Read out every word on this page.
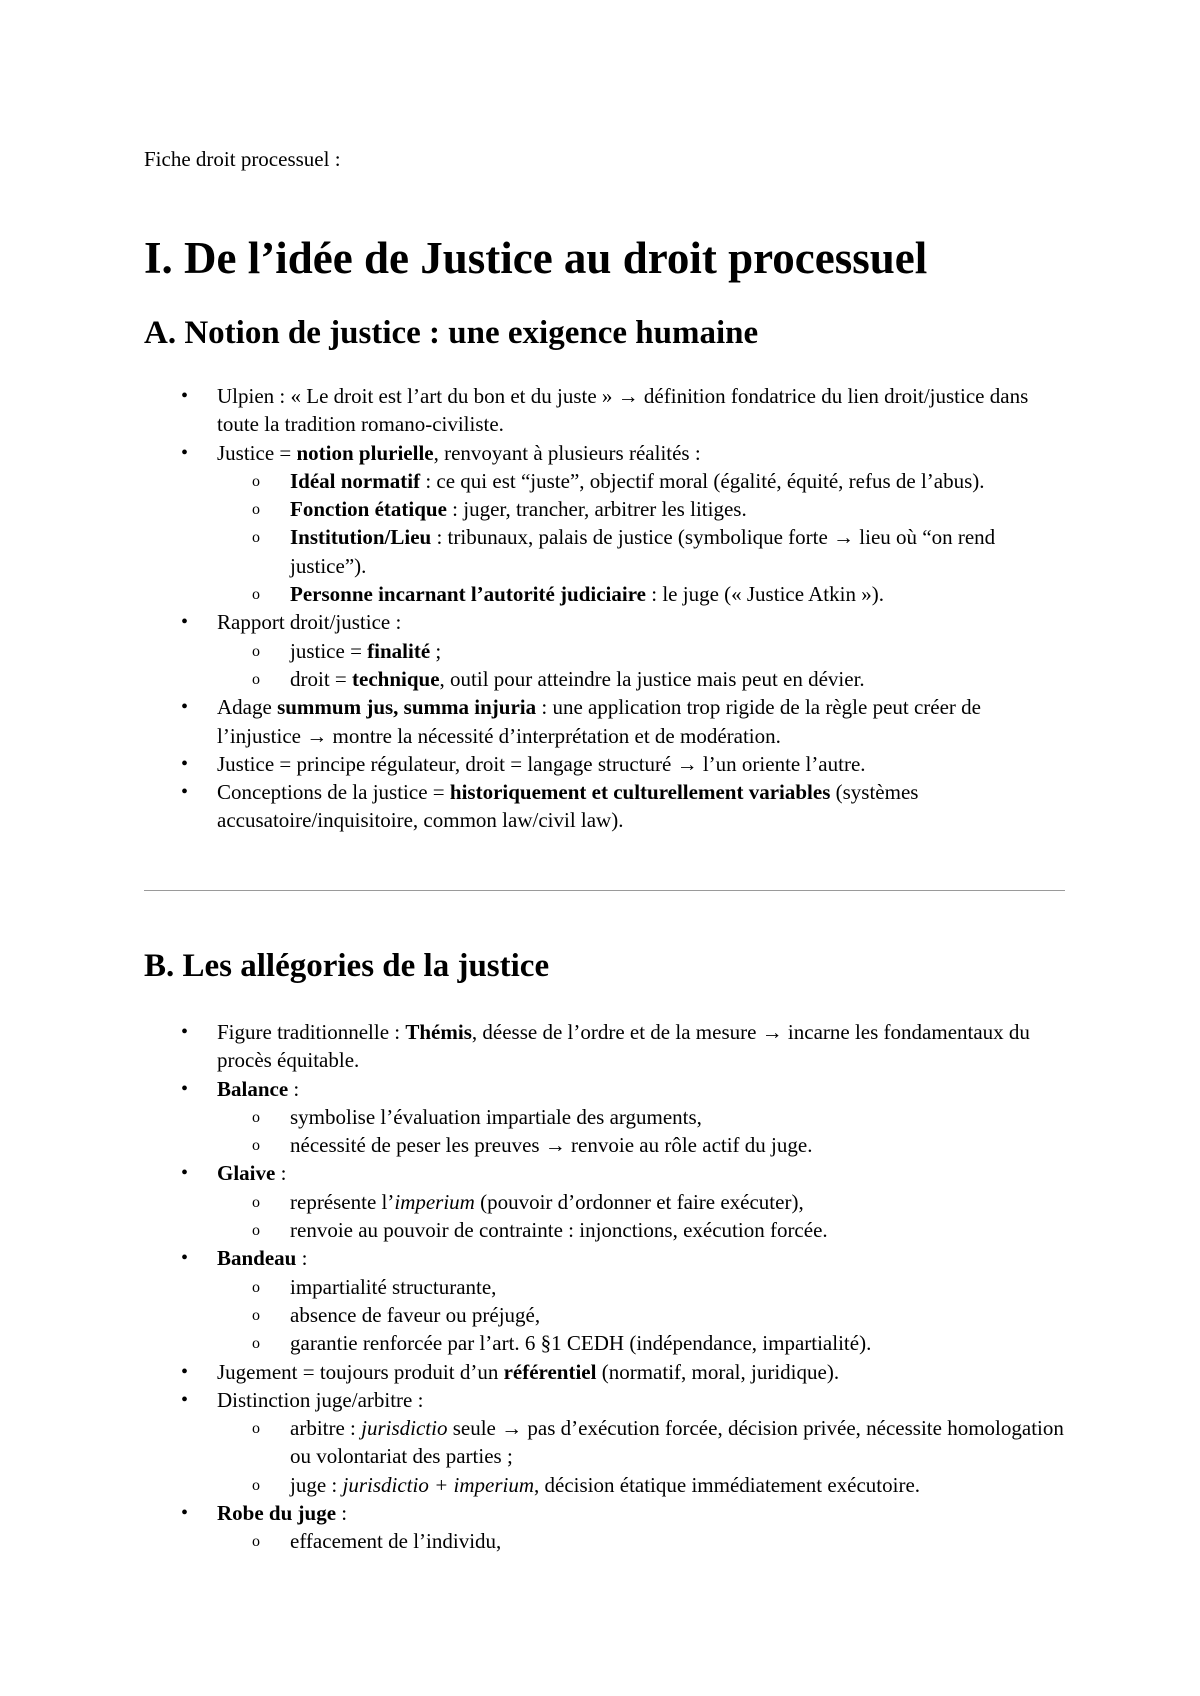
Fiche droit processuel :
I. De l’idée de Justice au droit processuel
A. Notion de justice : une exigence humaine
• Ulpien : « Le droit est l’art du bon et du juste » → définition fondatrice du lien droit/justice dans toute la tradition romano-civiliste.
• Justice = notion plurielle, renvoyant à plusieurs réalités :
o Idéal normatif : ce qui est “juste”, objectif moral (égalité, équité, refus de l’abus).
o Fonction étatique : juger, trancher, arbitrer les litiges.
o Institution/Lieu : tribunaux, palais de justice (symbolique forte → lieu où “on rend justice”).
o Personne incarnant l’autorité judiciaire : le juge (« Justice Atkin »).
• Rapport droit/justice :
o justice = finalité ;
o droit = technique, outil pour atteindre la justice mais peut en dévier.
• Adage summum jus, summa injuria : une application trop rigide de la règle peut créer de l’injustice → montre la nécessité d’interprétation et de modération.
• Justice = principe régulateur, droit = langage structuré → l’un oriente l’autre.
• Conceptions de la justice = historiquement et culturellement variables (systèmes accusatoire/inquisitoire, common law/civil law).
B. Les allégories de la justice
• Figure traditionnelle : Thémis, déesse de l’ordre et de la mesure → incarne les fondamentaux du procès équitable.
• Balance :
o symbolise l’évaluation impartiale des arguments,
o nécessité de peser les preuves → renvoie au rôle actif du juge.
• Glaive :
o représente l’imperium (pouvoir d’ordonner et faire exécuter),
o renvoie au pouvoir de contrainte : injonctions, exécution forcée.
• Bandeau :
o impartialité structurante,
o absence de faveur ou préjugé,
o garantie renforcée par l’art. 6 §1 CEDH (indépendance, impartialité).
• Jugement = toujours produit d’un référentiel (normatif, moral, juridique).
• Distinction juge/arbitre :
o arbitre : jurisdictio seule → pas d’exécution forcée, décision privée, nécessite homologation ou volontariat des parties ;
o juge : jurisdictio + imperium, décision étatique immédiatement exécutoire.
• Robe du juge :
o effacement de l’individu,
